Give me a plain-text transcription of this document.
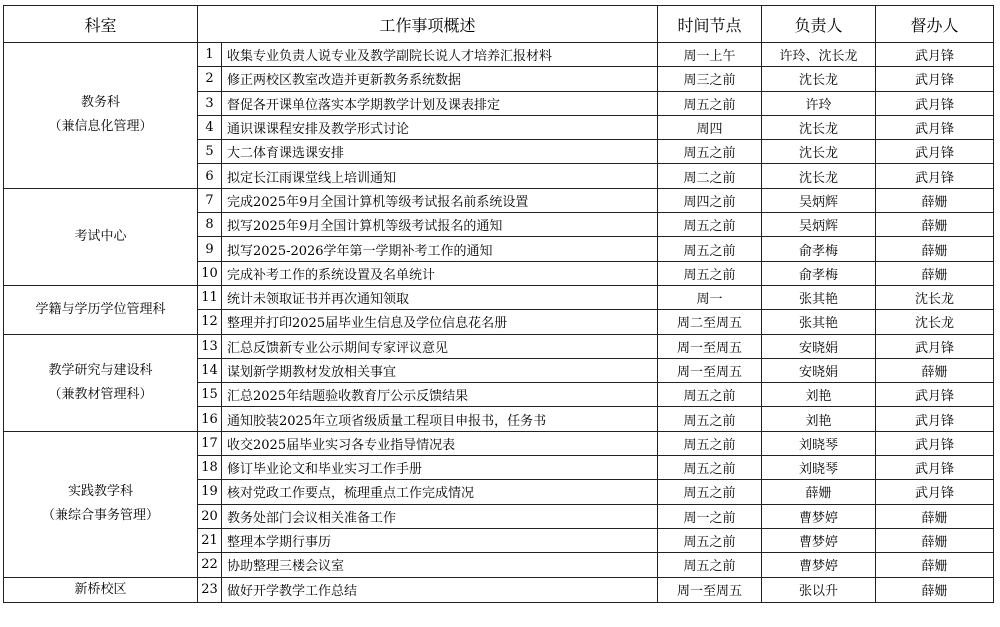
科室	工作事项概述		时间节点	负责人	督办人

教务科
（兼信息化管理）	1	收集专业负责人说专业及教学副院长说人才培养汇报材料	周一上午	许玲、沈长龙	武月锋
	2	修正两校区教室改造并更新教务系统数据	周三之前	沈长龙	武月锋
	3	督促各开课单位落实本学期教学计划及课表排定	周五之前	许玲	武月锋
	4	通识课课程安排及教学形式讨论	周四	沈长龙	武月锋
	5	大二体育课选课安排	周五之前	沈长龙	武月锋
	6	拟定长江雨课堂线上培训通知	周二之前	沈长龙	武月锋

考试中心	7	完成2025年9月全国计算机等级考试报名前系统设置	周四之前	吴炳辉	薛姗
	8	拟写2025年9月全国计算机等级考试报名的通知	周五之前	吴炳辉	薛姗
	9	拟写2025-2026学年第一学期补考工作的通知	周五之前	俞孝梅	薛姗
	10	完成补考工作的系统设置及名单统计	周五之前	俞孝梅	薛姗

学籍与学历学位管理科	11	统计未领取证书并再次通知领取	周一	张其艳	沈长龙
	12	整理并打印2025届毕业生信息及学位信息花名册	周二至周五	张其艳	沈长龙

教学研究与建设科
（兼教材管理科）	13	汇总反馈新专业公示期间专家评议意见	周一至周五	安晓娟	武月锋
	14	谋划新学期教材发放相关事宜	周一至周五	安晓娟	薛姗
	15	汇总2025年结题验收教育厅公示反馈结果	周五之前	刘艳	武月锋
	16	通知胶装2025年立项省级质量工程项目申报书，任务书	周五之前	刘艳	武月锋

实践教学科
（兼综合事务管理）	17	收交2025届毕业实习各专业指导情况表	周五之前	刘晓琴	武月锋
	18	修订毕业论文和毕业实习工作手册	周五之前	刘晓琴	武月锋
	19	核对党政工作要点，梳理重点工作完成情况	周五之前	薛姗	武月锋
	20	教务处部门会议相关准备工作	周一之前	曹梦婷	薛姗
	21	整理本学期行事历	周五之前	曹梦婷	薛姗
	22	协助整理三楼会议室	周五之前	曹梦婷	薛姗

新桥校区	23	做好开学教学工作总结	周一至周五	张以升	薛姗
